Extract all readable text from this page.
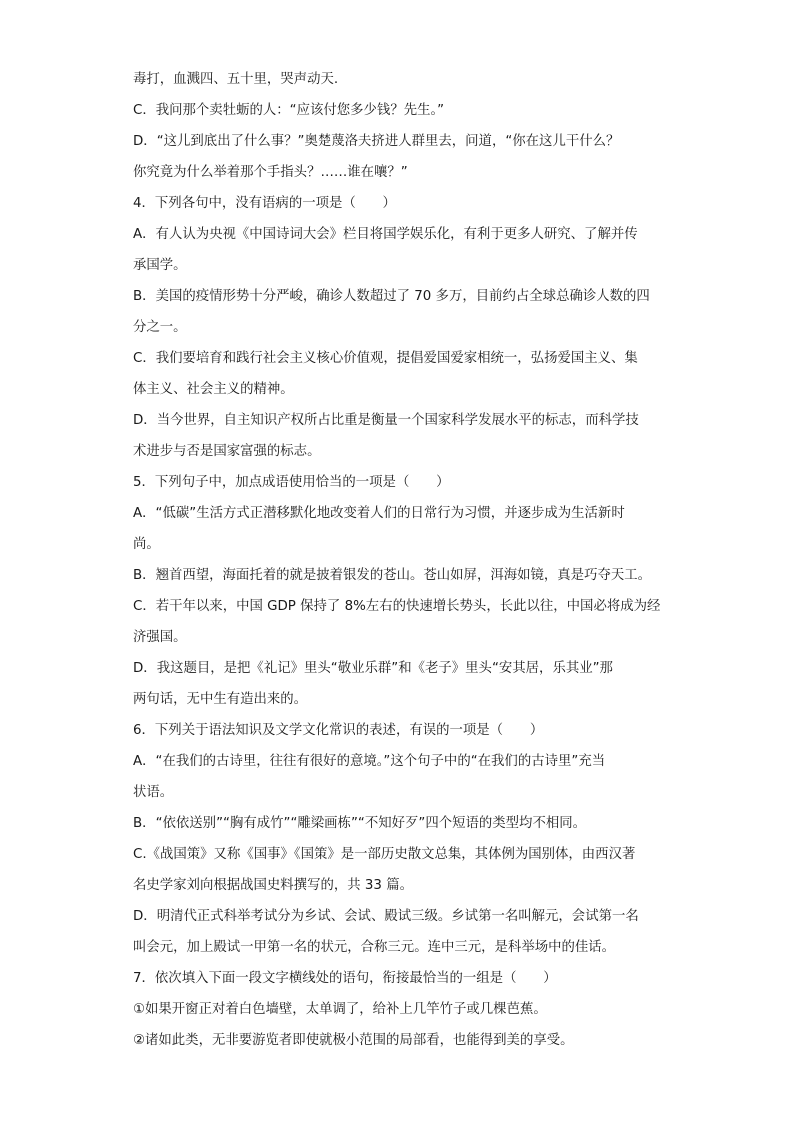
毒打，血溅四、五十里，哭声动天.
C．我问那个卖牡蛎的人：“应该付您多少钱？先生。”
D．“这儿到底出了什么事？”奥楚蔑洛夫挤进人群里去，问道，“你在这儿干什么？
你究竟为什么举着那个手指头？……谁在嚷？”
4．下列各句中，没有语病的一项是（　　）
A．有人认为央视《中国诗词大会》栏目将国学娱乐化，有利于更多人研究、了解并传
承国学。
B．美国的疫情形势十分严峻，确诊人数超过了 70 多万，目前约占全球总确诊人数的四
分之一。
C．我们要培育和践行社会主义核心价值观，提倡爱国爱家相统一，弘扬爱国主义、集
体主义、社会主义的精神。
D．当今世界，自主知识产权所占比重是衡量一个国家科学发展水平的标志，而科学技
术进步与否是国家富强的标志。
5．下列句子中，加点成语使用恰当的一项是（　　）
A．“低碳”生活方式正潜移默化地改变着人们的日常行为习惯，并逐步成为生活新时
尚。
B．翘首西望，海面托着的就是披着银发的苍山。苍山如屏，洱海如镜，真是巧夺天工。
C．若干年以来，中国 GDP 保持了 8%左右的快速增长势头，长此以往，中国必将成为经
济强国。
D．我这题目，是把《礼记》里头“敬业乐群”和《老子》里头“安其居，乐其业”那
两句话，无中生有造出来的。
6．下列关于语法知识及文学文化常识的表述，有误的一项是（　　）
A．“在我们的古诗里，往往有很好的意境。”这个句子中的“在我们的古诗里”充当
状语。
B．“依依送别”“胸有成竹”“雕梁画栋”“不知好歹”四个短语的类型均不相同。
C.《战国策》又称《国事》《国策》是一部历史散文总集，其体例为国别体，由西汉著
名史学家刘向根据战国史料撰写的，共 33 篇。
D．明清代正式科举考试分为乡试、会试、殿试三级。乡试第一名叫解元，会试第一名
叫会元，加上殿试一甲第一名的状元，合称三元。连中三元，是科举场中的佳话。
7．依次填入下面一段文字横线处的语句，衔接最恰当的一组是（　　）
①如果开窗正对着白色墙壁，太单调了，给补上几竿竹子或几棵芭蕉。
②诸如此类，无非要游览者即使就极小范围的局部看，也能得到美的享受。
